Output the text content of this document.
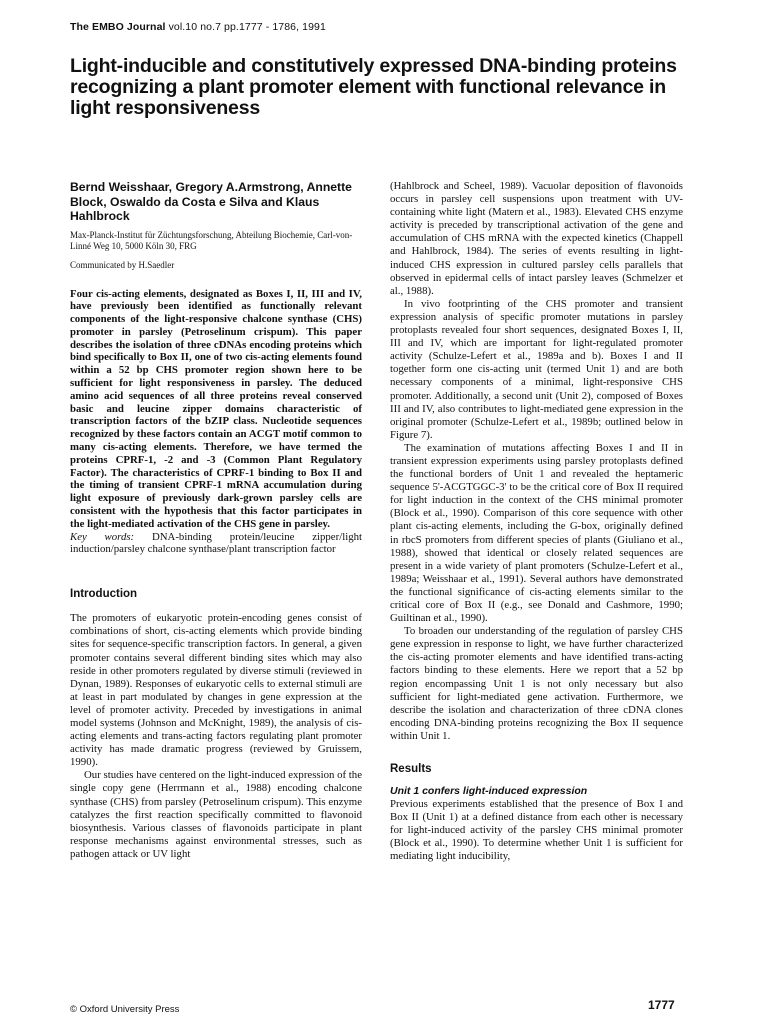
The EMBO Journal vol.10 no.7 pp.1777 - 1786, 1991
Light-inducible and constitutively expressed DNA-binding proteins recognizing a plant promoter element with functional relevance in light responsiveness

Bernd Weisshaar, Gregory A.Armstrong, Annette Block, Oswaldo da Costa e Silva and Klaus Hahlbrock

Max-Planck-Institut für Züchtungsforschung, Abteilung Biochemie, Carl-von-Linné Weg 10, 5000 Köln 30, FRG
Communicated by H.Saedler
Four cis-acting elements, designated as Boxes I, II, III and IV, have previously been identified as functionally relevant components of the light-responsive chalcone synthase (CHS) promoter in parsley (Petroselinum crispum). This paper describes the isolation of three cDNAs encoding proteins which bind specifically to Box II, one of two cis-acting elements found within a 52 bp CHS promoter region shown here to be sufficient for light responsiveness in parsley. The deduced amino acid sequences of all three proteins reveal conserved basic and leucine zipper domains characteristic of transcription factors of the bZIP class. Nucleotide sequences recognized by these factors contain an ACGT motif common to many cis-acting elements. Therefore, we have termed the proteins CPRF-1, -2 and -3 (Common Plant Regulatory Factor). The characteristics of CPRF-1 binding to Box II and the timing of transient CPRF-1 mRNA accumulation during light exposure of previously dark-grown parsley cells are consistent with the hypothesis that this factor participates in the light-mediated activation of the CHS gene in parsley.
Key words: DNA-binding protein/leucine zipper/light induction/parsley chalcone synthase/plant transcription factor

Introduction

The promoters of eukaryotic protein-encoding genes consist of combinations of short, cis-acting elements which provide binding sites for sequence-specific transcription factors. In general, a given promoter contains several different binding sites which may also reside in other promoters regulated by diverse stimuli (reviewed in Dynan, 1989). Responses of eukaryotic cells to external stimuli are at least in part modulated by changes in gene expression at the level of promoter activity. Preceded by investigations in animal model systems (Johnson and McKnight, 1989), the analysis of cis-acting elements and trans-acting factors regulating plant promoter activity has made dramatic progress (reviewed by Gruissem, 1990).

Our studies have centered on the light-induced expression of the single copy gene (Herrmann et al., 1988) encoding chalcone synthase (CHS) from parsley (Petroselinum crispum). This enzyme catalyzes the first reaction specifically committed to flavonoid biosynthesis. Various classes of flavonoids participate in plant response mechanisms against environmental stresses, such as pathogen attack or UV light

(Hahlbrock and Scheel, 1989). Vacuolar deposition of flavonoids occurs in parsley cell suspensions upon treatment with UV-containing white light (Matern et al., 1983). Elevated CHS enzyme activity is preceded by transcriptional activation of the gene and accumulation of CHS mRNA with the expected kinetics (Chappell and Hahlbrock, 1984). The series of events resulting in light-induced CHS expression in cultured parsley cells parallels that observed in epidermal cells of intact parsley leaves (Schmelzer et al., 1988).

In vivo footprinting of the CHS promoter and transient expression analysis of specific promoter mutations in parsley protoplasts revealed four short sequences, designated Boxes I, II, III and IV, which are important for light-regulated promoter activity (Schulze-Lefert et al., 1989a and b). Boxes I and II together form one cis-acting unit (termed Unit 1) and are both necessary components of a minimal, light-responsive CHS promoter. Additionally, a second unit (Unit 2), composed of Boxes III and IV, also contributes to light-mediated gene expression in the original promoter (Schulze-Lefert et al., 1989b; outlined below in Figure 7).

The examination of mutations affecting Boxes I and II in transient expression experiments using parsley protoplasts defined the functional borders of Unit 1 and revealed the heptameric sequence 5'-ACGTGGC-3' to be the critical core of Box II required for light induction in the context of the CHS minimal promoter (Block et al., 1990). Comparison of this core sequence with other plant cis-acting elements, including the G-box, originally defined in rbcS promoters from different species of plants (Giuliano et al., 1988), showed that identical or closely related sequences are present in a wide variety of plant promoters (Schulze-Lefert et al., 1989a; Weisshaar et al., 1991). Several authors have demonstrated the functional significance of cis-acting elements similar to the critical core of Box II (e.g., see Donald and Cashmore, 1990; Guiltinan et al., 1990).

To broaden our understanding of the regulation of parsley CHS gene expression in response to light, we have further characterized the cis-acting promoter elements and have identified trans-acting factors binding to these elements. Here we report that a 52 bp region encompassing Unit 1 is not only necessary but also sufficient for light-mediated gene activation. Furthermore, we describe the isolation and characterization of three cDNA clones encoding DNA-binding proteins recognizing the Box II sequence within Unit 1.

Results

Unit 1 confers light-induced expression

Previous experiments established that the presence of Box I and Box II (Unit 1) at a defined distance from each other is necessary for light-induced activity of the parsley CHS minimal promoter (Block et al., 1990). To determine whether Unit 1 is sufficient for mediating light inducibility,

© Oxford University Press	1777
